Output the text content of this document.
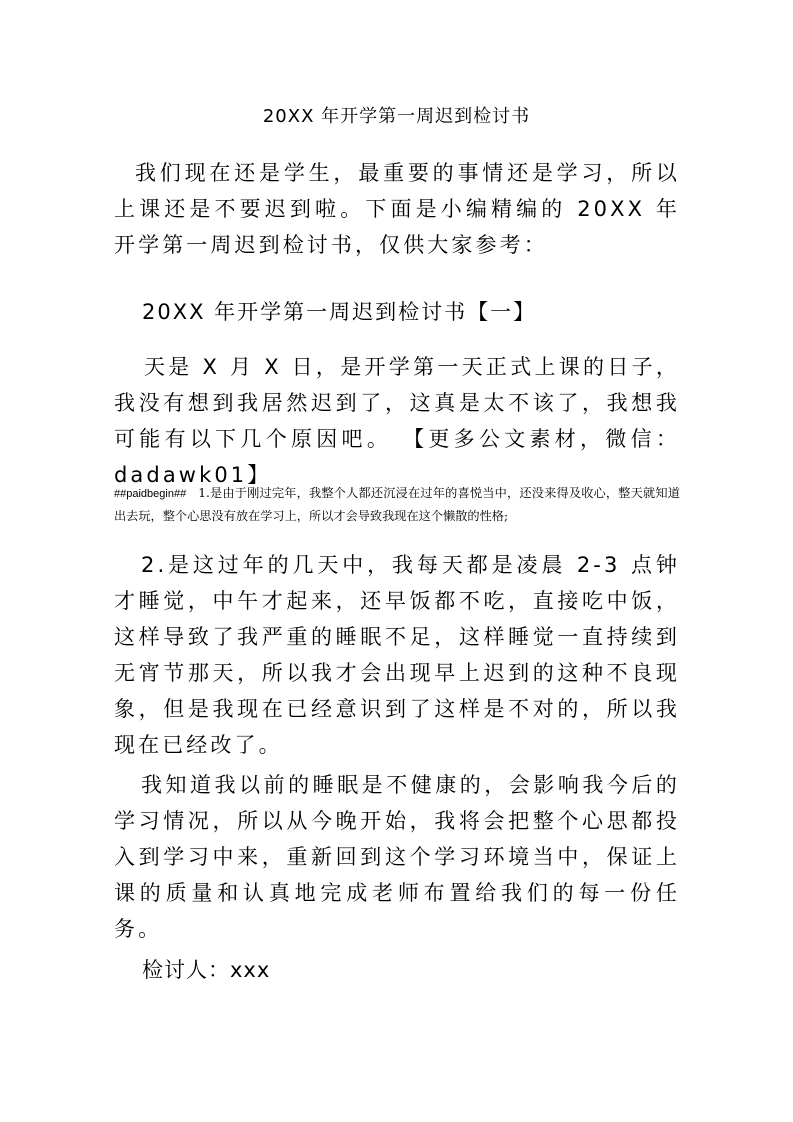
20XX 年开学第一周迟到检讨书

我们现在还是学生，最重要的事情还是学习，所以上课还是不要迟到啦。下面是小编精编的 20XX 年开学第一周迟到检讨书，仅供大家参考：

20XX 年开学第一周迟到检讨书【一】

天是 X 月 X 日，是开学第一天正式上课的日子，我没有想到我居然迟到了，这真是太不该了，我想我可能有以下几个原因吧。 【更多公文素材，微信： dadawk01】

##paidbegin## 1.是由于刚过完年，我整个人都还沉浸在过年的喜悦当中，还没来得及收心，整天就知道出去玩，整个心思没有放在学习上，所以才会导致我现在这个懒散的性格;

2.是这过年的几天中，我每天都是凌晨 2-3 点钟才睡觉，中午才起来，还早饭都不吃，直接吃中饭，这样导致了我严重的睡眠不足，这样睡觉一直持续到无宵节那天，所以我才会出现早上迟到的这种不良现象，但是我现在已经意识到了这样是不对的，所以我现在已经改了。

我知道我以前的睡眠是不健康的，会影响我今后的学习情况，所以从今晚开始，我将会把整个心思都投入到学习中来，重新回到这个学习环境当中，保证上课的质量和认真地完成老师布置给我们的每一份任务。

检讨人：xxx
